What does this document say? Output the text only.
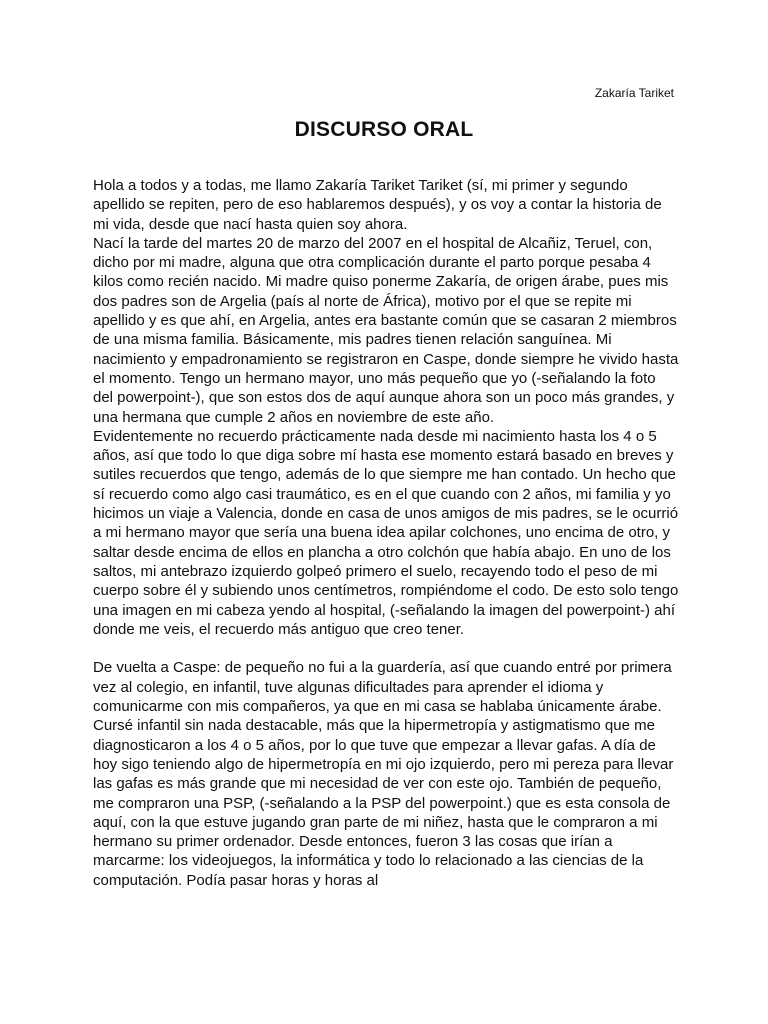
Zakaría Tariket
DISCURSO ORAL

Hola a todos y a todas, me llamo Zakaría Tariket Tariket (sí, mi primer y segundo apellido se repiten, pero de eso hablaremos después), y os voy a contar la historia de mi vida, desde que nací hasta quien soy ahora.

Nací la tarde del martes 20 de marzo del 2007 en el hospital de Alcañiz, Teruel, con, dicho por mi madre, alguna que otra complicación durante el parto porque pesaba 4 kilos como recién nacido. Mi madre quiso ponerme Zakaría, de origen árabe, pues mis dos padres son de Argelia (país al norte de África), motivo por el que se repite mi apellido y es que ahí, en Argelia, antes era bastante común que se casaran 2 miembros de una misma familia. Básicamente, mis padres tienen relación sanguínea. Mi nacimiento y empadronamiento se registraron en Caspe, donde siempre he vivido hasta el momento. Tengo un hermano mayor, uno más pequeño que yo (-señalando la foto del powerpoint-), que son estos dos de aquí aunque ahora son un poco más grandes, y una hermana que cumple 2 años en noviembre de este año.

Evidentemente no recuerdo prácticamente nada desde mi nacimiento hasta los 4 o 5 años, así que todo lo que diga sobre mí hasta ese momento estará basado en breves y sutiles recuerdos que tengo, además de lo que siempre me han contado. Un hecho que sí recuerdo como algo casi traumático, es en el que cuando con 2 años, mi familia y yo hicimos un viaje a Valencia, donde en casa de unos amigos de mis padres, se le ocurrió a mi hermano mayor que sería una buena idea apilar colchones, uno encima de otro, y saltar desde encima de ellos en plancha a otro colchón que había abajo. En uno de los saltos, mi antebrazo izquierdo golpeó primero el suelo, recayendo todo el peso de mi cuerpo sobre él y subiendo unos centímetros, rompiéndome el codo. De esto solo tengo una imagen en mi cabeza yendo al hospital, (-señalando la imagen del powerpoint-) ahí donde me veis, el recuerdo más antiguo que creo tener.

De vuelta a Caspe: de pequeño no fui a la guardería, así que cuando entré por primera vez al colegio, en infantil, tuve algunas dificultades para aprender el idioma y comunicarme con mis compañeros, ya que en mi casa se hablaba únicamente árabe. Cursé infantil sin nada destacable, más que la hipermetropía y astigmatismo que me diagnosticaron a los 4 o 5 años, por lo que tuve que empezar a llevar gafas. A día de hoy sigo teniendo algo de hipermetropía en mi ojo izquierdo, pero mi pereza para llevar las gafas es más grande que mi necesidad de ver con este ojo. También de pequeño, me compraron una PSP, (-señalando a la PSP del powerpoint.) que es esta consola de aquí, con la que estuve jugando gran parte de mi niñez, hasta que le compraron a mi hermano su primer ordenador. Desde entonces, fueron 3 las cosas que irían a marcarme: los videojuegos, la informática y todo lo relacionado a las ciencias de la computación. Podía pasar horas y horas al
